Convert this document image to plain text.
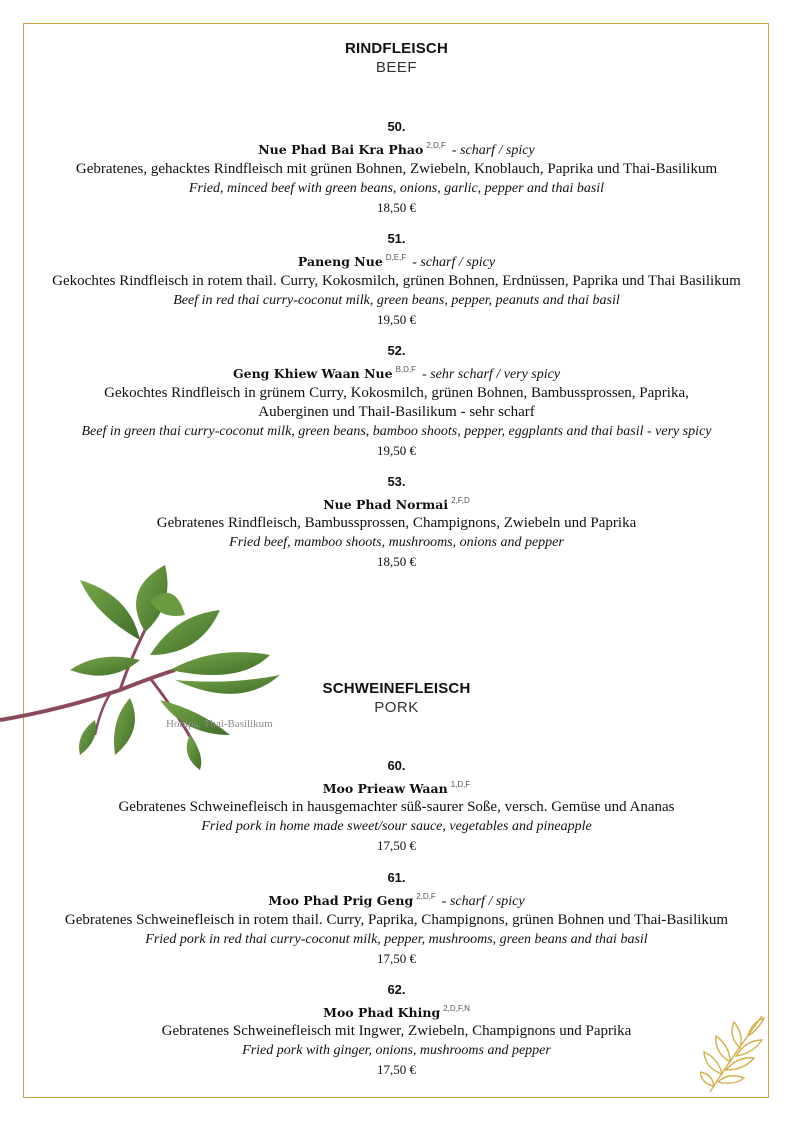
RINDFLEISCH
BEEF
50.
Nue Phad Bai Kra Phao $^{2,D,F}$ - scharf / spicy
Gebratenes, gehacktes Rindfleisch mit grünen Bohnen, Zwiebeln, Knoblauch, Paprika und Thai-Basilikum
Fried, minced beef with green beans, onions, garlic, pepper and thai basil
18,50 €
51.
Paneng Nue $^{D,E,F}$ - scharf / spicy
Gekochtes Rindfleisch in rotem thail. Curry, Kokosmilch, grünen Bohnen, Erdnüssen, Paprika und Thai Basilikum
Beef in red thai curry-coconut milk, green beans, pepper, peanuts and thai basil
19,50 €
52.
Geng Khiew Waan Nue $^{B,D,F}$ - sehr scharf / very spicy
Gekochtes Rindfleisch in grünem Curry, Kokosmilch, grünen Bohnen, Bambussprossen, Paprika,
Auberginen und Thail-Basilikum - sehr scharf
Beef in green thai curry-coconut milk, green beans, bamboo shoots, pepper, eggplants and thai basil - very spicy
19,50 €
53.
Nue Phad Normai $^{2,F,D}$
Gebratenes Rindfleisch, Bambussprossen, Champignons, Zwiebeln und Paprika
Fried beef, mamboo shoots, mushrooms, onions and pepper
18,50 €
SCHWEINEFLEISCH
PORK
60.
Moo Prieaw Waan $^{1,D,F}$
Gebratenes Schweinefleisch in hausgemachter süß-saurer Soße, versch. Gemüse und Ananas
Fried pork in home made sweet/sour sauce, vegetables and pineapple
17,50 €
61.
Moo Phad Prig Geng $^{2,D,F}$ - scharf / spicy
Gebratenes Schweinefleisch in rotem thail. Curry, Paprika, Champignons, grünen Bohnen und Thai-Basilikum
Fried pork in red thai curry-coconut milk, pepper, mushrooms, green beans and thai basil
17,50 €
62.
Moo Phad Khing $^{2,D,F,N}$
Gebratenes Schweinefleisch mit Ingwer, Zwiebeln, Champignons und Paprika
Fried pork with ginger, onions, mushrooms and pepper
17,50 €
Horapa, Thai-Basilikum
